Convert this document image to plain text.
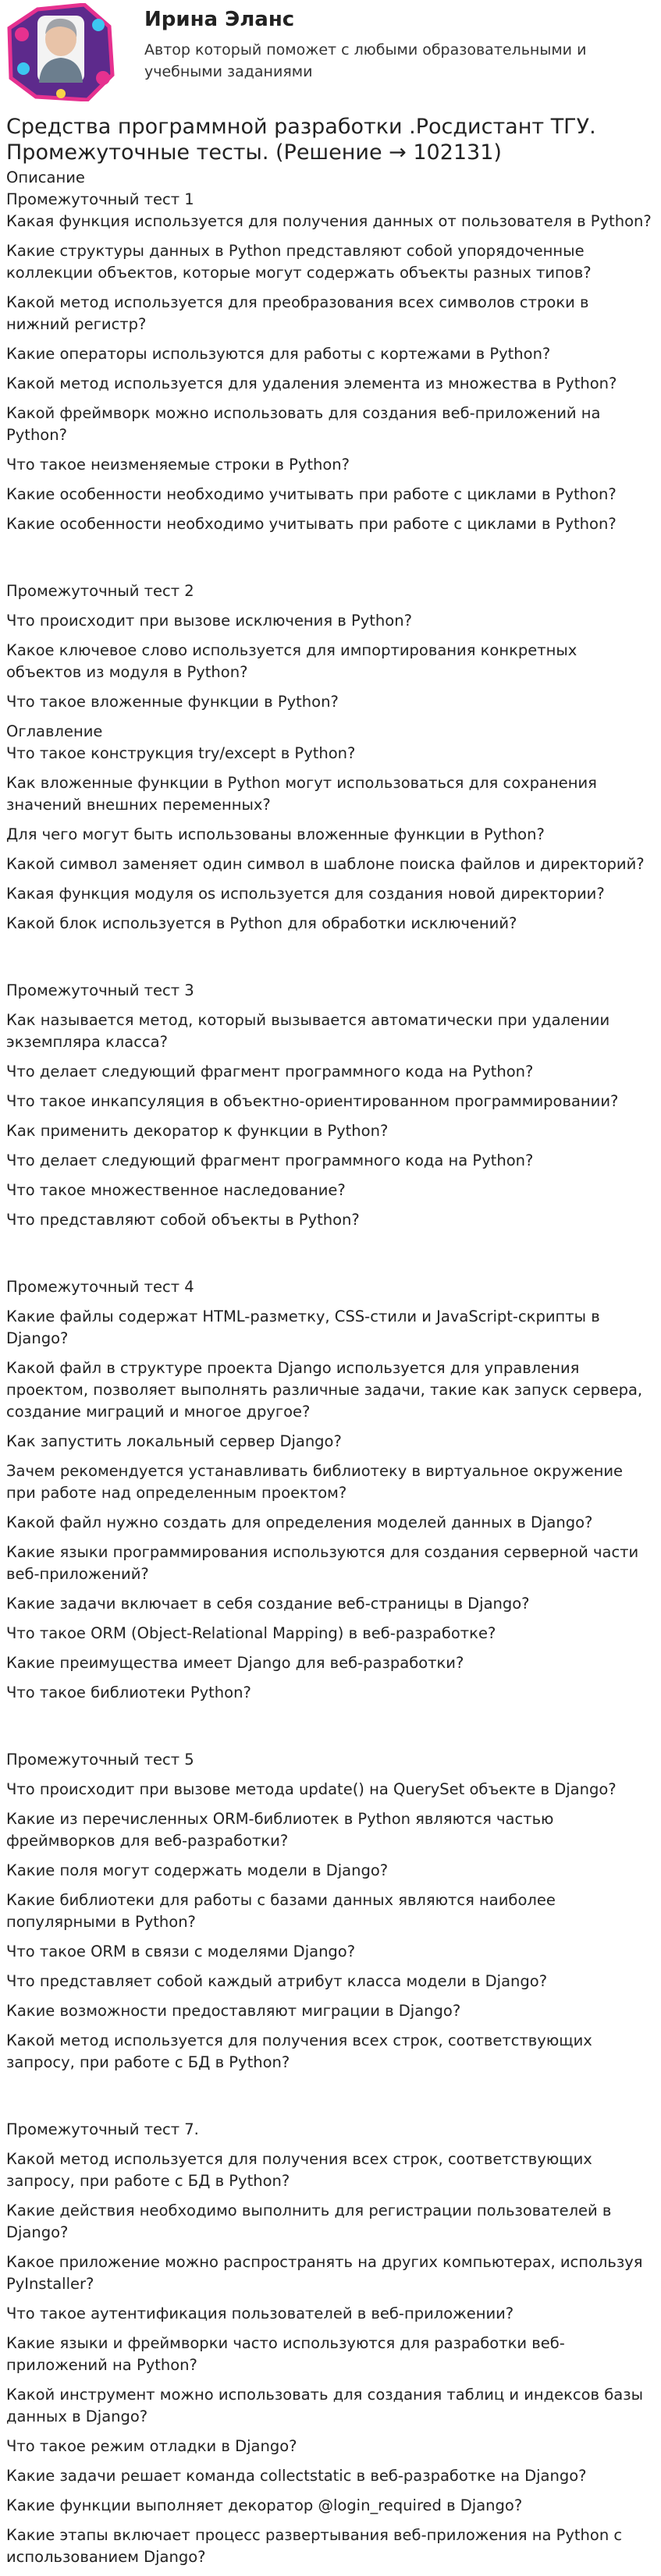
Ирина Эланс
Автор который поможет с любыми образовательными и учебными заданиями
Средства программной разработки .Росдистант ТГУ. Промежуточные тесты. (Решение → 102131)
Описание
Промежуточный тест 1
Какая функция используется для получения данных от пользователя в Python?
Какие структуры данных в Python представляют собой упорядоченные коллекции объектов, которые могут содержать объекты разных типов?
Какой метод используется для преобразования всех символов строки в нижний регистр?
Какие операторы используются для работы с кортежами в Python?
Какой метод используется для удаления элемента из множества в Python?
Какой фреймворк можно использовать для создания веб-приложений на Python?
Что такое неизменяемые строки в Python?
Какие особенности необходимо учитывать при работе с циклами в Python?
Какие особенности необходимо учитывать при работе с циклами в Python?
Промежуточный тест 2
Что происходит при вызове исключения в Python?
Какое ключевое слово используется для импортирования конкретных объектов из модуля в Python?
Что такое вложенные функции в Python?
Оглавление
Что такое конструкция try/except в Python?
Как вложенные функции в Python могут использоваться для сохранения значений внешних переменных?
Для чего могут быть использованы вложенные функции в Python?
Какой символ заменяет один символ в шаблоне поиска файлов и директорий?
Какая функция модуля os используется для создания новой директории?
Какой блок используется в Python для обработки исключений?
Промежуточный тест 3
Как называется метод, который вызывается автоматически при удалении экземпляра класса?
Что делает следующий фрагмент программного кода на Python?
Что такое инкапсуляция в объектно-ориентированном программировании?
Как применить декоратор к функции в Python?
Что делает следующий фрагмент программного кода на Python?
Что такое множественное наследование?
Что представляют собой объекты в Python?
Промежуточный тест 4
Какие файлы содержат HTML-разметку, CSS-стили и JavaScript-скрипты в Django?
Какой файл в структуре проекта Django используется для управления проектом, позволяет выполнять различные задачи, такие как запуск сервера, создание миграций и многое другое?
Как запустить локальный сервер Django?
Зачем рекомендуется устанавливать библиотеку в виртуальное окружение при работе над определенным проектом?
Какой файл нужно создать для определения моделей данных в Django?
Какие языки программирования используются для создания серверной части веб-приложений?
Какие задачи включает в себя создание веб-страницы в Django?
Что такое ORM (Object-Relational Mapping) в веб-разработке?
Какие преимущества имеет Django для веб-разработки?
Что такое библиотеки Python?
Промежуточный тест 5
Что происходит при вызове метода update() на QuerySet объекте в Django?
Какие из перечисленных ORM-библиотек в Python являются частью фреймворков для веб-разработки?
Какие поля могут содержать модели в Django?
Какие библиотеки для работы с базами данных являются наиболее популярными в Python?
Что такое ORM в связи с моделями Django?
Что представляет собой каждый атрибут класса модели в Django?
Какие возможности предоставляют миграции в Django?
Какой метод используется для получения всех строк, соответствующих запросу, при работе с БД в Python?
Промежуточный тест 7.
Какой метод используется для получения всех строк, соответствующих запросу, при работе с БД в Python?
Какие действия необходимо выполнить для регистрации пользователей в Django?
Какое приложение можно распространять на других компьютерах, используя PyInstaller?
Что такое аутентификация пользователей в веб-приложении?
Какие языки и фреймворки часто используются для разработки веб-приложений на Python?
Какой инструмент можно использовать для создания таблиц и индексов базы данных в Django?
Что такое режим отладки в Django?
Какие задачи решает команда collectstatic в веб-разработке на Django?
Какие функции выполняет декоратор @login_required в Django?
Какие этапы включает процесс развертывания веб-приложения на Python с использованием Django?
